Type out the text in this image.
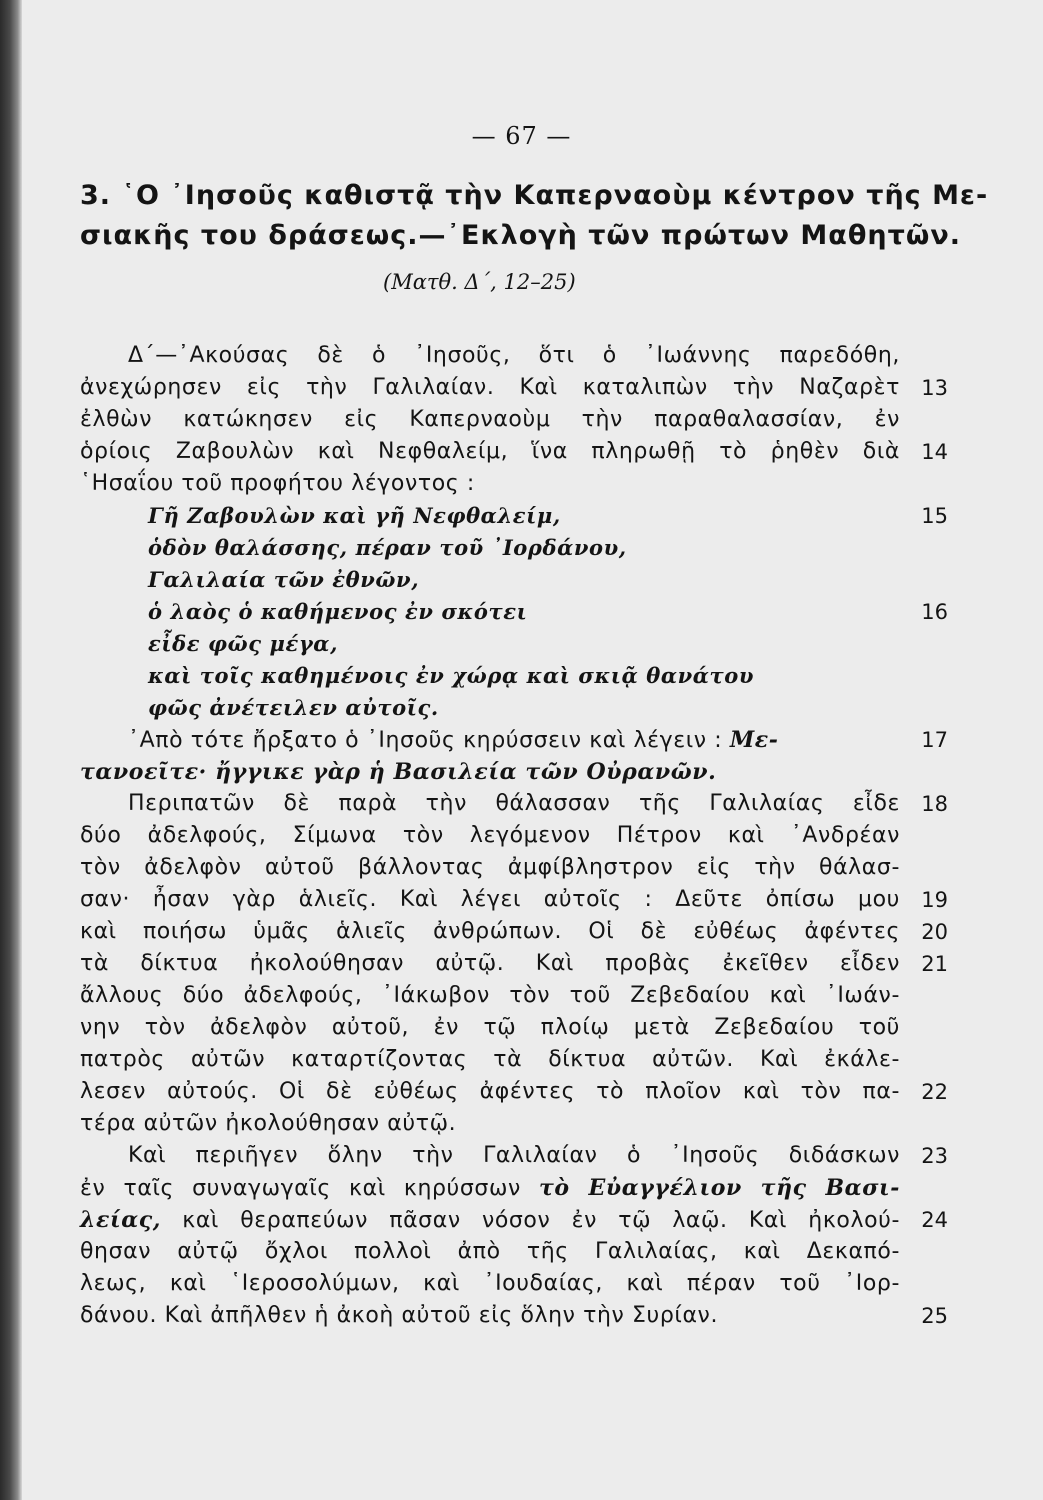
— 67 —
3. ῾Ο ᾿Ιησοῦς καθιστᾷ τὴν Καπερναοὺμ κέντρον τῆς Με-
σιακῆς του δράσεως.—᾿Εκλογὴ τῶν πρώτων Μαθητῶν.
(Ματθ. Δ΄, 12–25)
Δ΄—᾿Ακούσας δὲ ὁ ᾿Ιησοῦς, ὅτι ὁ ᾿Ιωάννης παρεδόθη,
ἀνεχώρησεν εἰς τὴν Γαλιλαίαν. Καὶ καταλιπὼν τὴν Ναζαρὲτ
ἐλθὼν κατώκησεν εἰς Καπερναοὺμ τὴν παραθαλασσίαν, ἐν
ὁρίοις Ζαβουλὼν καὶ Νεφθαλείμ, ἵνα πληρωθῇ τὸ ῥηθὲν διὰ
῾Ησαΐου τοῦ προφήτου λέγοντος :
Γῆ Ζαβουλὼν καὶ γῆ Νεφθαλείμ,
ὁδὸν θαλάσσης, πέραν τοῦ ᾿Ιορδάνου,
Γαλιλαία τῶν ἐθνῶν,
ὁ λαὸς ὁ καθήμενος ἐν σκότει
εἶδε φῶς μέγα,
καὶ τοῖς καθημένοις ἐν χώρᾳ καὶ σκιᾷ θανάτου
φῶς ἀνέτειλεν αὐτοῖς.
᾿Απὸ τότε ἤρξατο ὁ ᾿Ιησοῦς κηρύσσειν καὶ λέγειν : Με-
τανοεῖτε· ἤγγικε γὰρ ἡ Βασιλεία τῶν Οὐρανῶν.
Περιπατῶν δὲ παρὰ τὴν θάλασσαν τῆς Γαλιλαίας εἶδε
δύο ἀδελφούς, Σίμωνα τὸν λεγόμενον Πέτρον καὶ ᾿Ανδρέαν
τὸν ἀδελφὸν αὐτοῦ βάλλοντας ἀμφίβληστρον εἰς τὴν θάλασ-
σαν· ἦσαν γὰρ ἁλιεῖς. Καὶ λέγει αὐτοῖς : Δεῦτε ὀπίσω μου
καὶ ποιήσω ὑμᾶς ἁλιεῖς ἀνθρώπων. Οἱ δὲ εὐθέως ἀφέντες
τὰ δίκτυα ἠκολούθησαν αὐτῷ. Καὶ προβὰς ἐκεῖθεν εἶδεν
ἄλλους δύο ἀδελφούς, ᾿Ιάκωβον τὸν τοῦ Ζεβεδαίου καὶ ᾿Ιωάν-
νην τὸν ἀδελφὸν αὐτοῦ, ἐν τῷ πλοίῳ μετὰ Ζεβεδαίου τοῦ
πατρὸς αὐτῶν καταρτίζοντας τὰ δίκτυα αὐτῶν. Καὶ ἐκάλε-
λεσεν αὐτούς. Οἱ δὲ εὐθέως ἀφέντες τὸ πλοῖον καὶ τὸν πα-
τέρα αὐτῶν ἠκολούθησαν αὐτῷ.
Καὶ περιῆγεν ὅλην τὴν Γαλιλαίαν ὁ ᾿Ιησοῦς διδάσκων
ἐν ταῖς συναγωγαῖς καὶ κηρύσσων τὸ Εὐαγγέλιον τῆς Βασι-
λείας, καὶ θεραπεύων πᾶσαν νόσον ἐν τῷ λαῷ. Καὶ ἠκολού-
θησαν αὐτῷ ὄχλοι πολλοὶ ἀπὸ τῆς Γαλιλαίας, καὶ Δεκαπό-
λεως, καὶ ῾Ιεροσολύμων, καὶ ᾿Ιουδαίας, καὶ πέραν τοῦ ᾿Ιορ-
δάνου. Καὶ ἀπῆλθεν ἡ ἀκοὴ αὐτοῦ εἰς ὅλην τὴν Συρίαν.
13
14
15
16
17
18
19
20
21
22
23
24
25
